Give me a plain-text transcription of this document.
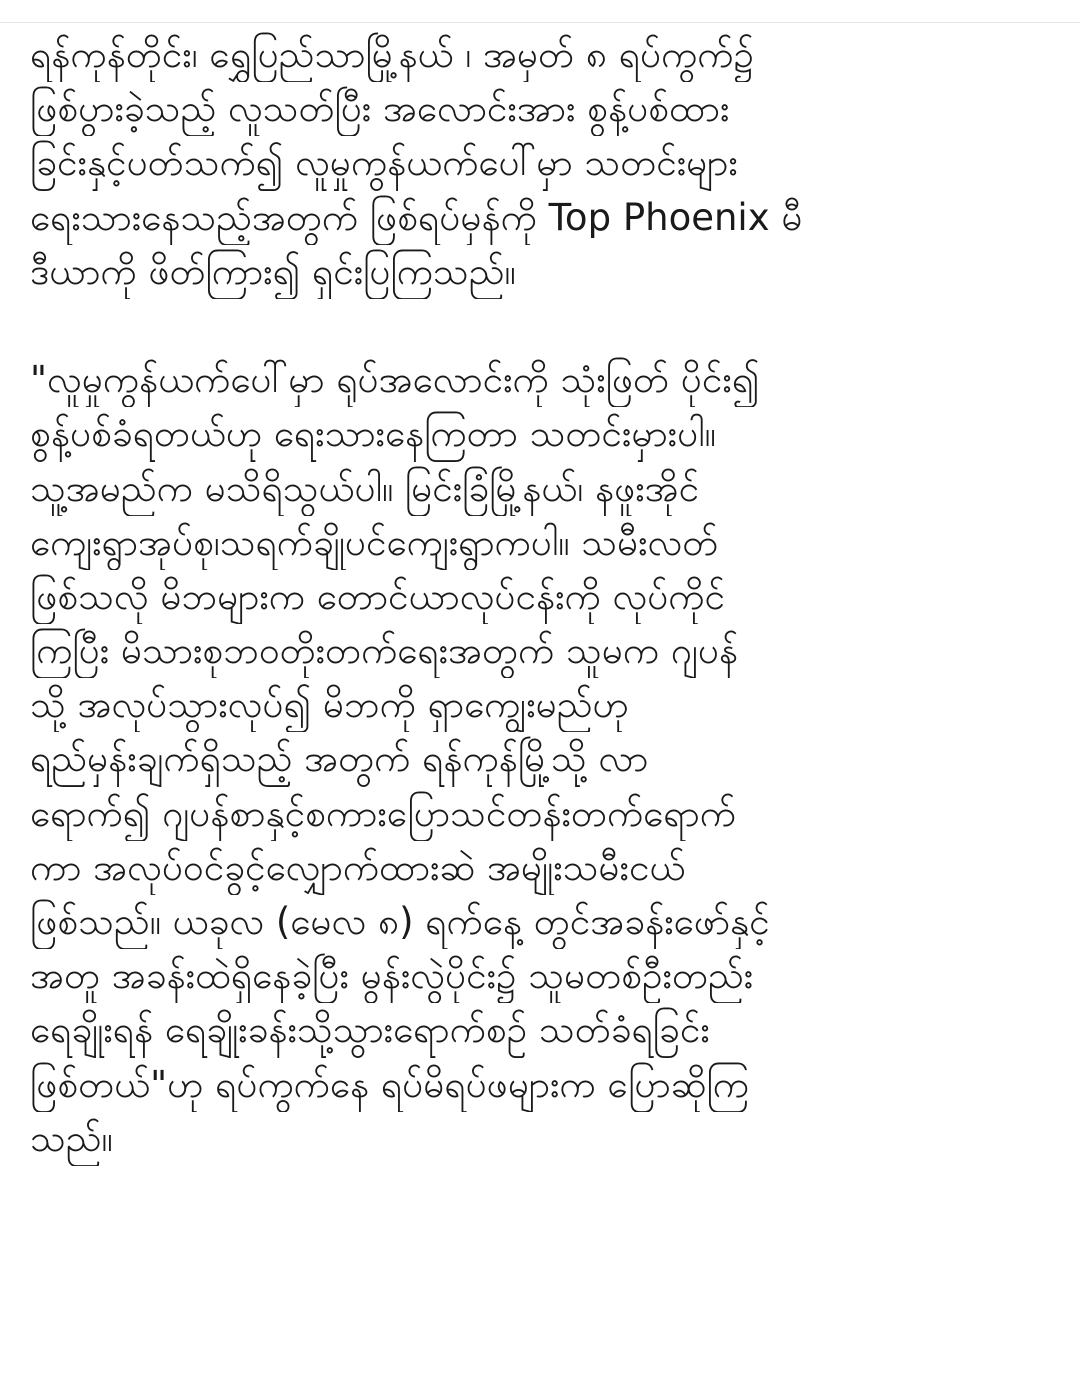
ရန်ကုန်တိုင်း၊ ရွှေပြည်သာမြို့နယ် ၊ အမှတ် ၈ ရပ်ကွက်၌
ဖြစ်ပွားခဲ့သည့် လူသတ်ပြီး အလောင်းအား စွန့်ပစ်ထား
ခြင်းနှင့်ပတ်သက်၍ လူမှုကွန်ယက်ပေါ်မှာ သတင်းများ
ရေးသားနေသည့်အတွက် ဖြစ်ရပ်မှန်ကို Top Phoenix မီ
ဒီယာကို ဖိတ်ကြား၍ ရှင်းပြကြသည်။
"လူမှုကွန်ယက်ပေါ်မှာ ရုပ်အလောင်းကို သုံးဖြတ် ပိုင်း၍
စွန့်ပစ်ခံရတယ်ဟု ရေးသားနေကြတာ သတင်းမှားပါ။
သူ့အမည်က မသိရိသွယ်ပါ။ မြင်းခြံမြို့နယ်၊ နဖူးအိုင်
ကျေးရွာအုပ်စု၊သရက်ချိုပင်ကျေးရွာကပါ။ သမီးလတ်
ဖြစ်သလို မိဘများက တောင်ယာလုပ်ငန်းကို လုပ်ကိုင်
ကြပြီး မိသားစုဘဝတိုးတက်ရေးအတွက် သူမက ဂျပန်
သို့ အလုပ်သွားလုပ်၍ မိဘကို ရှာကျွေးမည်ဟု
ရည်မှန်းချက်ရှိသည့် အတွက် ရန်ကုန်မြို့သို့ လာ
ရောက်၍ ဂျပန်စာနှင့်စကားပြောသင်တန်းတက်ရောက်
ကာ အလုပ်ဝင်ခွင့်လျှောက်ထားဆဲ အမျိုးသမီးငယ်
ဖြစ်သည်။ ယခုလ (မေလ ၈) ရက်နေ့ တွင်အခန်းဖော်နှင့်
အတူ အခန်းထဲရှိနေခဲ့ပြီး မွန်းလွဲပိုင်း၌ သူမတစ်ဦးတည်း
ရေချိုးရန် ရေချိုးခန်းသို့သွားရောက်စဉ် သတ်ခံရခြင်း
ဖြစ်တယ်"ဟု ရပ်ကွက်နေ ရပ်မိရပ်ဖများက ပြောဆိုကြ
သည်။
